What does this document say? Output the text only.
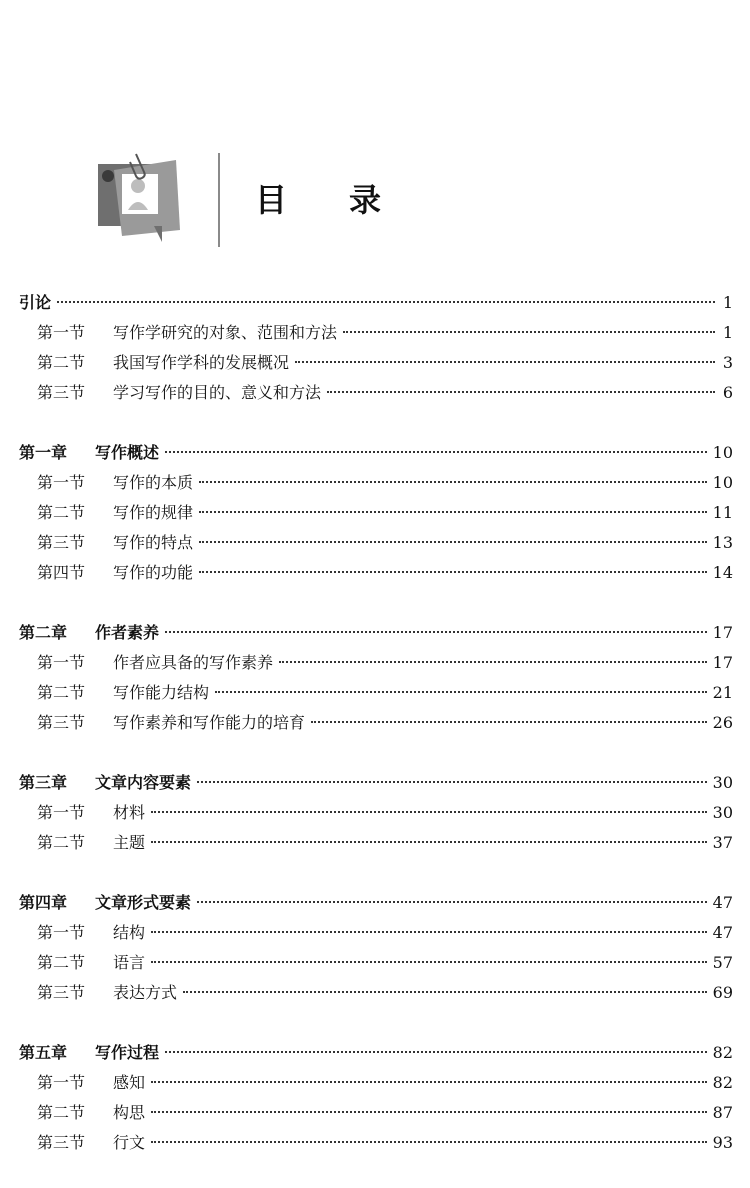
目 录
引论	1
第一节	写作学研究的对象、范围和方法	1
第二节	我国写作学科的发展概况	3
第三节	学习写作的目的、意义和方法	6
第一章	写作概述	10
第一节	写作的本质	10
第二节	写作的规律	11
第三节	写作的特点	13
第四节	写作的功能	14
第二章	作者素养	17
第一节	作者应具备的写作素养	17
第二节	写作能力结构	21
第三节	写作素养和写作能力的培育	26
第三章	文章内容要素	30
第一节	材料	30
第二节	主题	37
第四章	文章形式要素	47
第一节	结构	47
第二节	语言	57
第三节	表达方式	69
第五章	写作过程	82
第一节	感知	82
第二节	构思	87
第三节	行文	93
